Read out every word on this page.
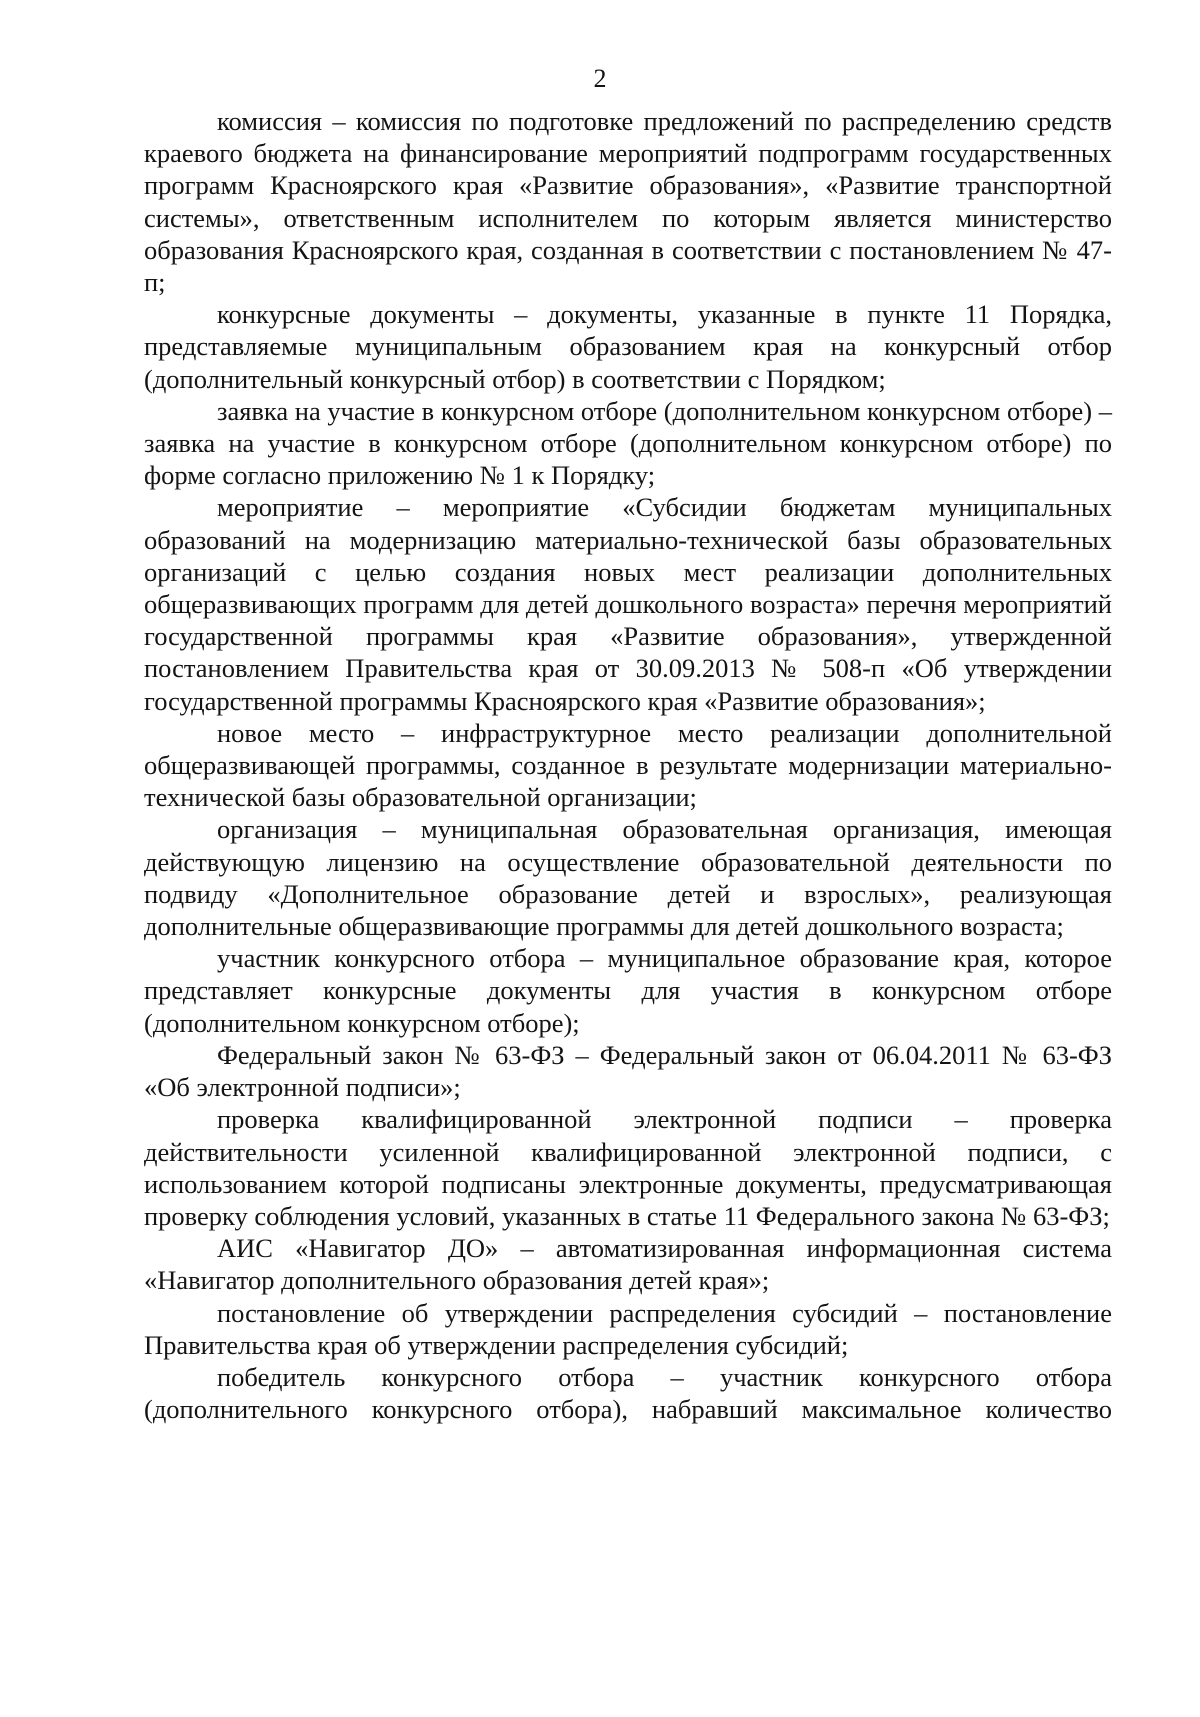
2

комиссия – комиссия по подготовке предложений по распределению средств краевого бюджета на финансирование мероприятий подпрограмм государственных программ Красноярского края «Развитие образования», «Развитие транспортной системы», ответственным исполнителем по которым является министерство образования Красноярского края, созданная в соответствии с постановлением № 47-п;

конкурсные документы – документы, указанные в пункте 11 Порядка, представляемые муниципальным образованием края на конкурсный отбор (дополнительный конкурсный отбор) в соответствии с Порядком;

заявка на участие в конкурсном отборе (дополнительном конкурсном отборе) – заявка на участие в конкурсном отборе (дополнительном конкурсном отборе) по форме согласно приложению № 1 к Порядку;

мероприятие – мероприятие «Субсидии бюджетам муниципальных образований на модернизацию материально-технической базы образовательных организаций с целью создания новых мест реализации дополнительных общеразвивающих программ для детей дошкольного возраста» перечня мероприятий государственной программы края «Развитие образования», утвержденной постановлением Правительства края от 30.09.2013 № 508-п «Об утверждении государственной программы Красноярского края «Развитие образования»;

новое место – инфраструктурное место реализации дополнительной общеразвивающей программы, созданное в результате модернизации материально-технической базы образовательной организации;

организация – муниципальная образовательная организация, имеющая действующую лицензию на осуществление образовательной деятельности по подвиду «Дополнительное образование детей и взрослых», реализующая дополнительные общеразвивающие программы для детей дошкольного возраста;

участник конкурсного отбора – муниципальное образование края, которое представляет конкурсные документы для участия в конкурсном отборе (дополнительном конкурсном отборе);

Федеральный закон № 63-ФЗ – Федеральный закон от 06.04.2011 № 63-ФЗ «Об электронной подписи»;

проверка квалифицированной электронной подписи – проверка действительности усиленной квалифицированной электронной подписи, с использованием которой подписаны электронные документы, предусматривающая проверку соблюдения условий, указанных в статье 11 Федерального закона № 63-ФЗ;

АИС «Навигатор ДО» – автоматизированная информационная система «Навигатор дополнительного образования детей края»;

постановление об утверждении распределения субсидий – постановление Правительства края об утверждении распределения субсидий;

победитель конкурсного отбора – участник конкурсного отбора (дополнительного конкурсного отбора), набравший максимальное количество
